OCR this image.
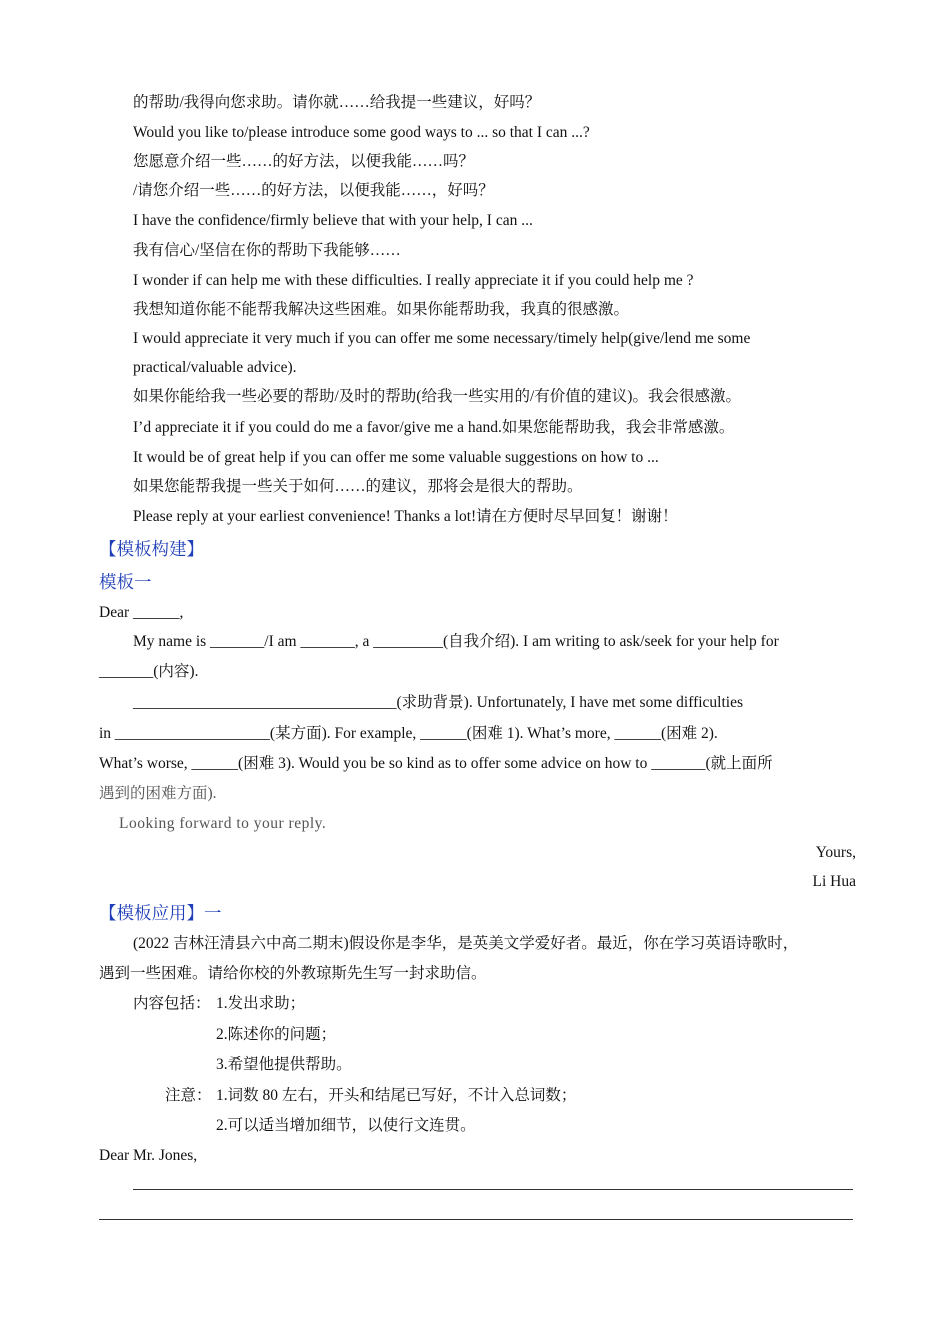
的帮助/我得向您求助。请你就……给我提一些建议，好吗？
Would you like to/please introduce some good ways to ... so that I can ...?
您愿意介绍一些……的好方法，以便我能……吗？
/请您介绍一些……的好方法，以便我能……，好吗？
I have the confidence/firmly believe that with your help, I can ...
我有信心/坚信在你的帮助下我能够……
I wonder if can help me with these difficulties. I really appreciate it if you could help me ?
我想知道你能不能帮我解决这些困难。如果你能帮助我，我真的很感激。
I would appreciate it very much if you can offer me some necessary/timely help(give/lend me some
practical/valuable advice).
如果你能给我一些必要的帮助/及时的帮助(给我一些实用的/有价值的建议)。我会很感激。
I’d appreciate it if you could do me a favor/give me a hand.如果您能帮助我，我会非常感激。
It would be of great help if you can offer me some valuable suggestions on how to ...
如果您能帮我提一些关于如何……的建议，那将会是很大的帮助。
Please reply at your earliest convenience! Thanks a lot!请在方便时尽早回复！谢谢！
【模板构建】
模板一
Dear ______,
My name is _______/I am _______, a _________(自我介绍). I am writing to ask/seek for your help for
_______(内容).
__________________________________(求助背景). Unfortunately, I have met some difficulties
in ____________________(某方面). For example, ______(困难 1). What’s more, ______(困难 2).
What’s worse, ______(困难 3). Would you be so kind as to offer some advice on how to _______(就上面所
遇到的困难方面).
Looking forward to your reply.
Yours,
Li Hua
【模板应用】一
(2022 吉林汪清县六中高二期末)假设你是李华，是英美文学爱好者。最近，你在学习英语诗歌时，
遇到一些困难。请给你校的外教琼斯先生写一封求助信。
内容包括： 1.发出求助；
2.陈述你的问题；
3.希望他提供帮助。
注意： 1.词数 80 左右，开头和结尾已写好，不计入总词数；
2.可以适当增加细节，以使行文连贯。
Dear Mr. Jones,
